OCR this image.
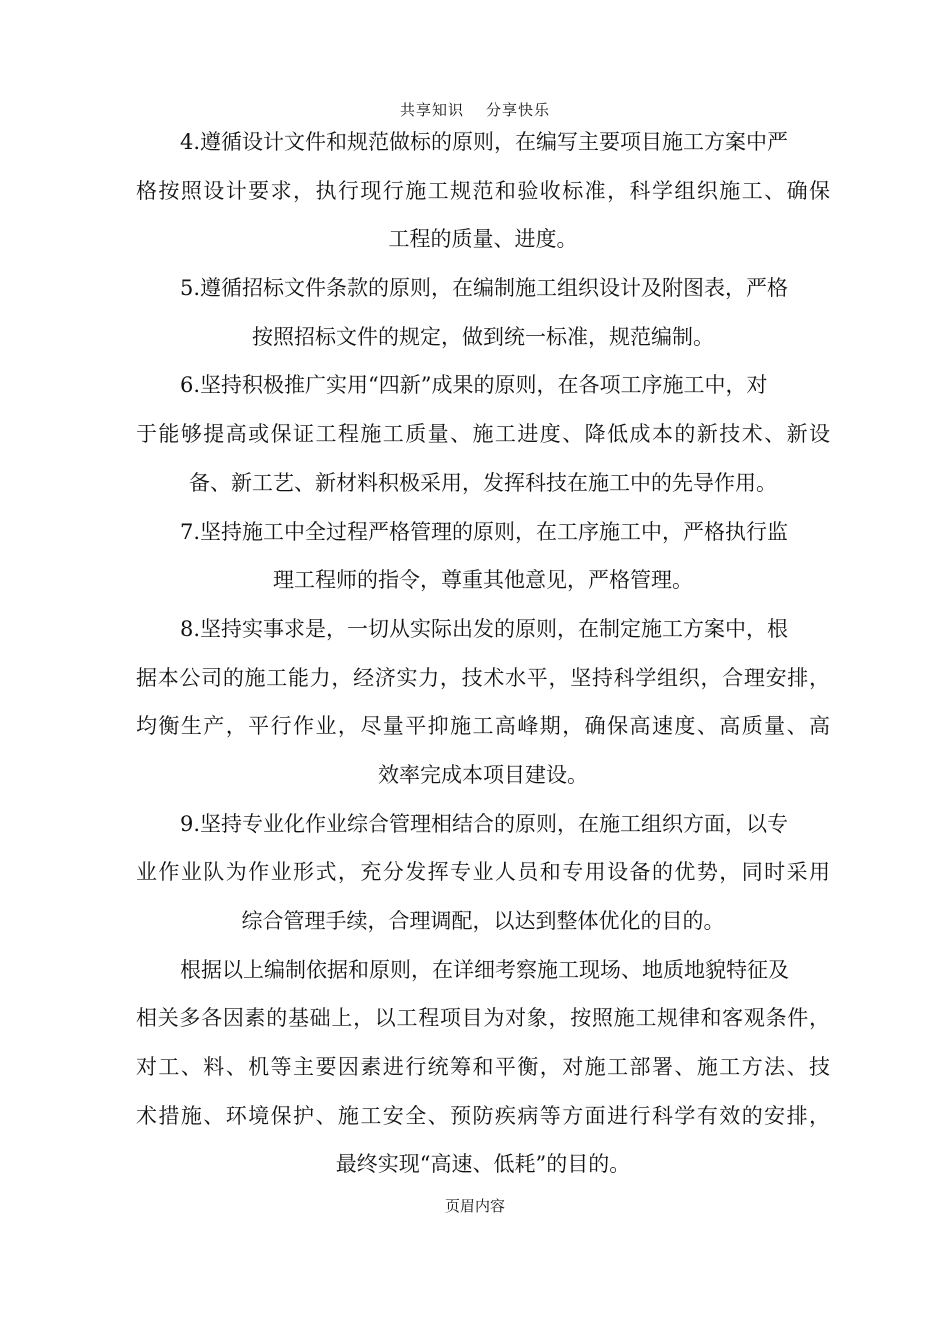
共享知识 分享快乐
4.遵循设计文件和规范做标的原则，在编写主要项目施工方案中严
格按照设计要求，执行现行施工规范和验收标准，科学组织施工、确保
工程的质量、进度。
5.遵循招标文件条款的原则，在编制施工组织设计及附图表，严格
按照招标文件的规定，做到统一标准，规范编制。
6.坚持积极推广实用“四新”成果的原则，在各项工序施工中，对
于能够提高或保证工程施工质量、施工进度、降低成本的新技术、新设
备、新工艺、新材料积极采用，发挥科技在施工中的先导作用。
7.坚持施工中全过程严格管理的原则，在工序施工中，严格执行监
理工程师的指令，尊重其他意见，严格管理。
8.坚持实事求是，一切从实际出发的原则，在制定施工方案中，根
据本公司的施工能力，经济实力，技术水平，坚持科学组织，合理安排，
均衡生产，平行作业，尽量平抑施工高峰期，确保高速度、高质量、高
效率完成本项目建设。
9.坚持专业化作业综合管理相结合的原则，在施工组织方面，以专
业作业队为作业形式，充分发挥专业人员和专用设备的优势，同时采用
综合管理手续，合理调配，以达到整体优化的目的。
根据以上编制依据和原则，在详细考察施工现场、地质地貌特征及
相关多各因素的基础上，以工程项目为对象，按照施工规律和客观条件，
对工、料、机等主要因素进行统筹和平衡，对施工部署、施工方法、技
术措施、环境保护、施工安全、预防疾病等方面进行科学有效的安排，
最终实现“高速、低耗”的目的。
页眉内容
